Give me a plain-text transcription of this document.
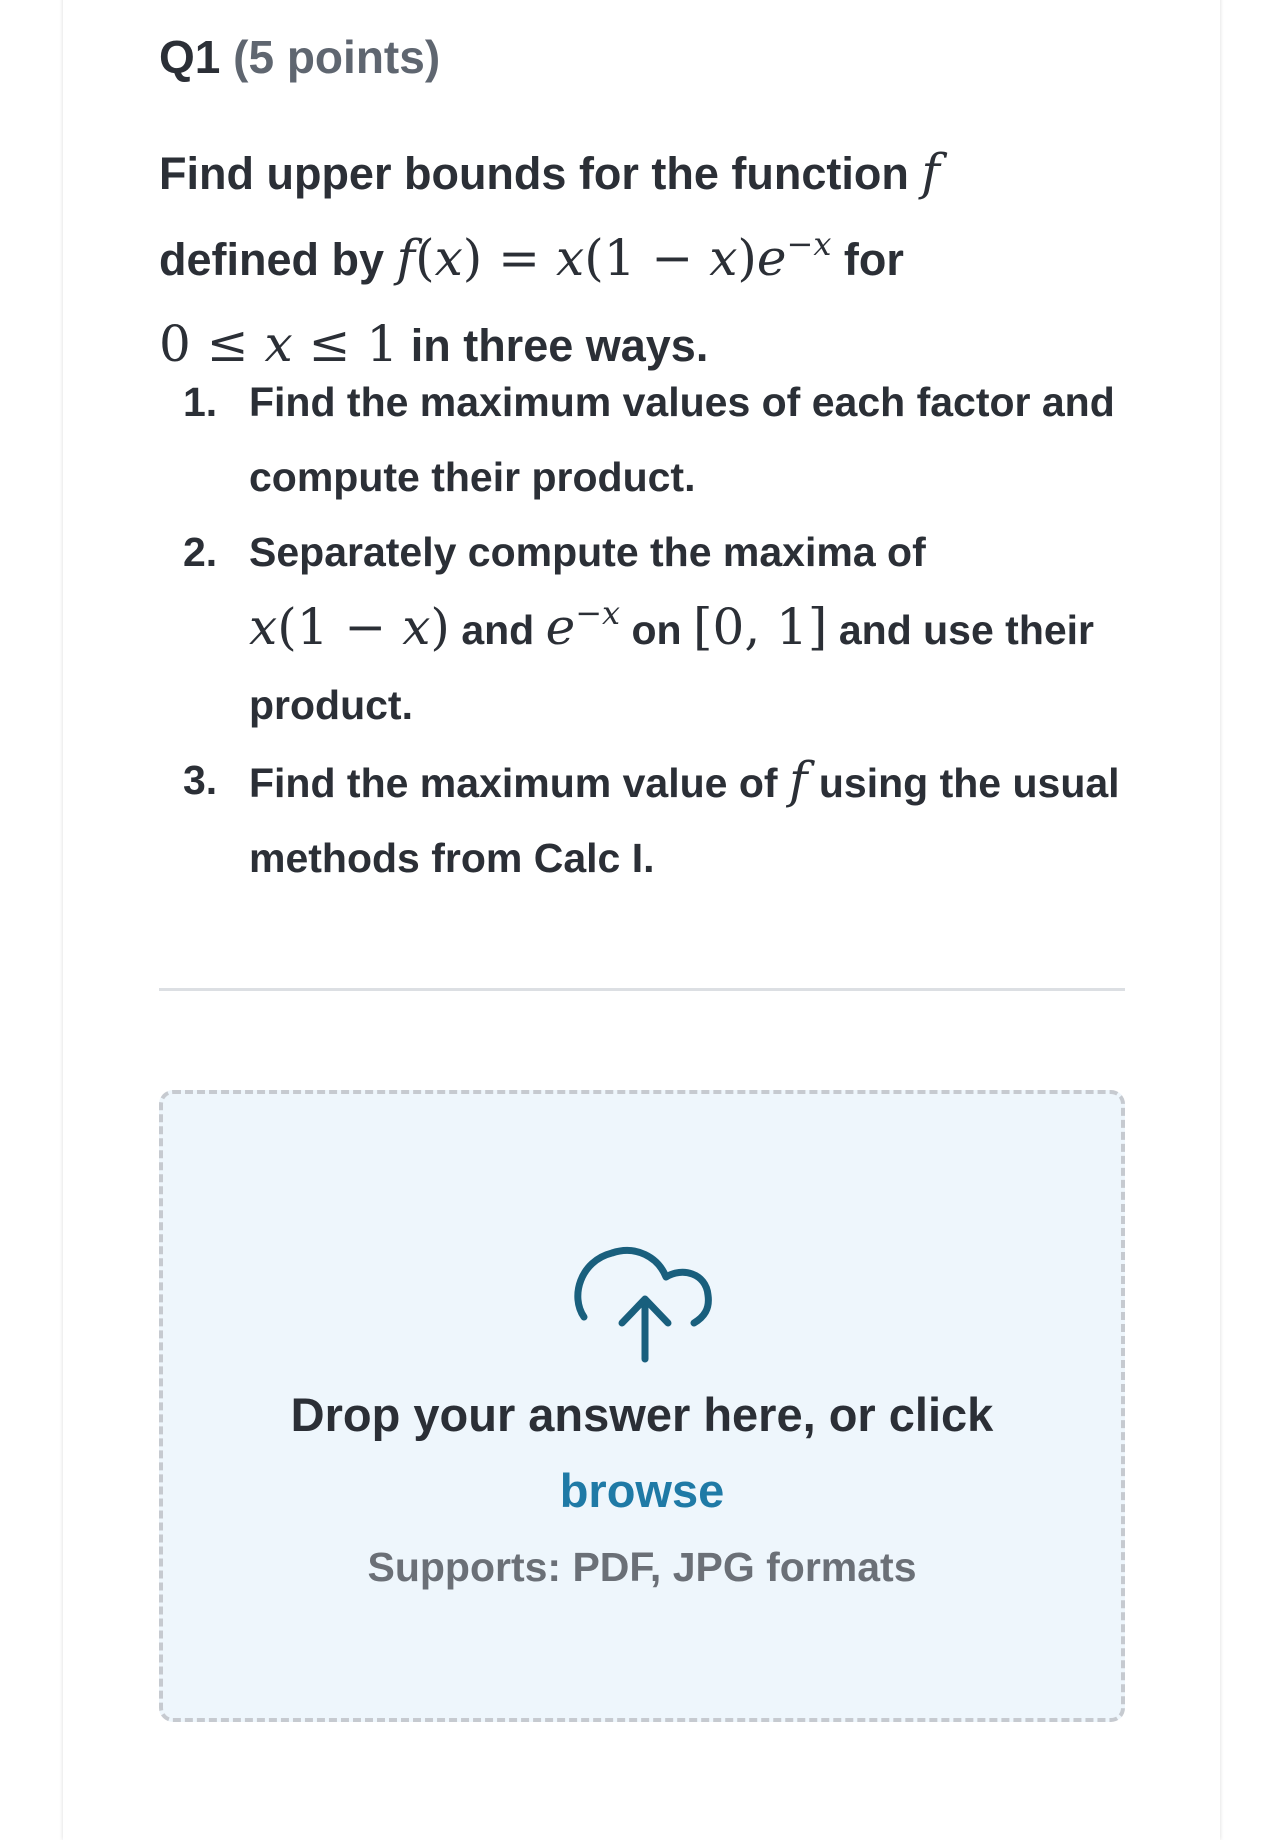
Q1 (5 points)

Find upper bounds for the function f
defined by $f(x) = x(1 - x)e^{-x}$ for
0 ≤ x ≤ 1 in three ways.

1. Find the maximum values of each factor and compute their product.
2. Separately compute the maxima of
x(1 − x) and $e^{-x}$ on [0, 1] and use their product.
3. Find the maximum value of f using the usual methods from Calc I.
Drop your answer here, or click
browse
Supports: PDF, JPG formats
